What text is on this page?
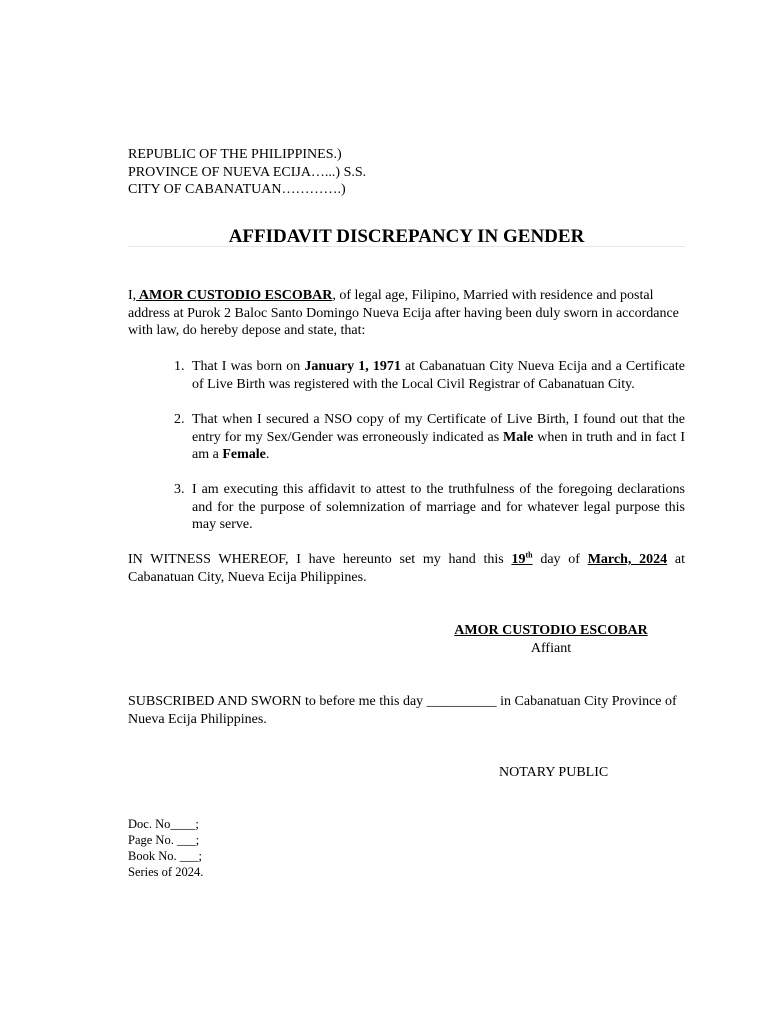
REPUBLIC OF THE PHILIPPINES.)
PROVINCE OF NUEVA ECIJA…...) S.S.
CITY OF CABANATUAN………….)
AFFIDAVIT DISCREPANCY IN GENDER
I, AMOR CUSTODIO ESCOBAR, of legal age, Filipino, Married with residence and postal address at Purok 2 Baloc Santo Domingo Nueva Ecija after having been duly sworn in accordance with law, do hereby depose and state, that:
1. That I was born on January 1, 1971 at Cabanatuan City Nueva Ecija and a Certificate of Live Birth was registered with the Local Civil Registrar of Cabanatuan City.
2. That when I secured a NSO copy of my Certificate of Live Birth, I found out that the entry for my Sex/Gender was erroneously indicated as Male when in truth and in fact I am a Female.
3. I am executing this affidavit to attest to the truthfulness of the foregoing declarations and for the purpose of solemnization of marriage and for whatever legal purpose this may serve.
IN WITNESS WHEREOF, I have hereunto set my hand this 19th day of March, 2024 at Cabanatuan City, Nueva Ecija Philippines.
AMOR CUSTODIO ESCOBAR
Affiant
SUBSCRIBED AND SWORN to before me this day __________ in Cabanatuan City Province of Nueva Ecija Philippines.
NOTARY PUBLIC
Doc. No____;
Page No. ___;
Book No. ___;
Series of 2024.
